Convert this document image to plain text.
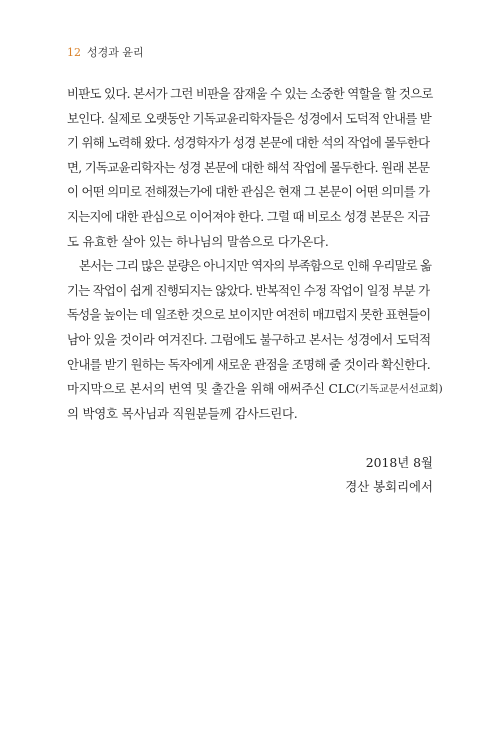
12 성경과 윤리
비판도 있다. 본서가 그런 비판을 잠재울 수 있는 소중한 역할을 할 것으로
보인다. 실제로 오랫동안 기독교윤리학자들은 성경에서 도덕적 안내를 받
기 위해 노력해 왔다. 성경학자가 성경 본문에 대한 석의 작업에 몰두한다
면, 기독교윤리학자는 성경 본문에 대한 해석 작업에 몰두한다. 원래 본문
이 어떤 의미로 전해졌는가에 대한 관심은 현재 그 본문이 어떤 의미를 가
지는지에 대한 관심으로 이어져야 한다. 그럴 때 비로소 성경 본문은 지금
도 유효한 살아 있는 하나님의 말씀으로 다가온다.
본서는 그리 많은 분량은 아니지만 역자의 부족함으로 인해 우리말로 옮
기는 작업이 쉽게 진행되지는 않았다. 반복적인 수정 작업이 일정 부분 가
독성을 높이는 데 일조한 것으로 보이지만 여전히 매끄럽지 못한 표현들이
남아 있을 것이라 여겨진다. 그럼에도 불구하고 본서는 성경에서 도덕적
안내를 받기 원하는 독자에게 새로운 관점을 조명해 줄 것이라 확신한다.
마지막으로 본서의 번역 및 출간을 위해 애써주신 CLC (기독교문서선교회)
의 박영호 목사님과 직원분들께 감사드린다.
2018년 8월
경산 봉회리에서
